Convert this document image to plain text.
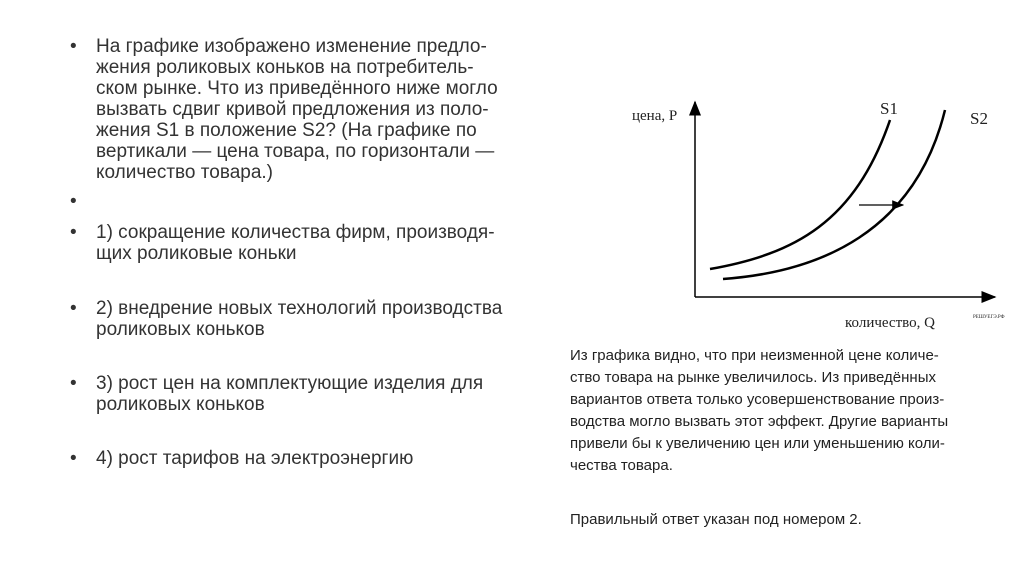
• На графике изображено изменение предло-
жения роликовых коньков на потребитель-
ском рынке. Что из приведённого ниже могло
вызвать сдвиг кривой предложения из поло-
жения S1 в положение S2? (На графике по
вертикали — цена товара, по горизонтали —
количество товара.)
•
• 1) сокращение количества фирм, производя-
щих роликовые коньки
• 2) внедрение новых технологий производства
роликовых коньков
• 3) рост цен на комплектующие изделия для
роликовых коньков
• 4) рост тарифов на электроэнергию
цена, P
количество, Q
S1
S2
РЕШУЕГЭ.РФ
Из графика видно, что при неизменной цене количе-
ство товара на рынке увеличилось. Из приведённых
вариантов ответа только усовершенствование произ-
водства могло вызвать этот эффект. Другие варианты
привели бы к увеличению цен или уменьшению коли-
чества товара.
Правильный ответ указан под номером 2.
